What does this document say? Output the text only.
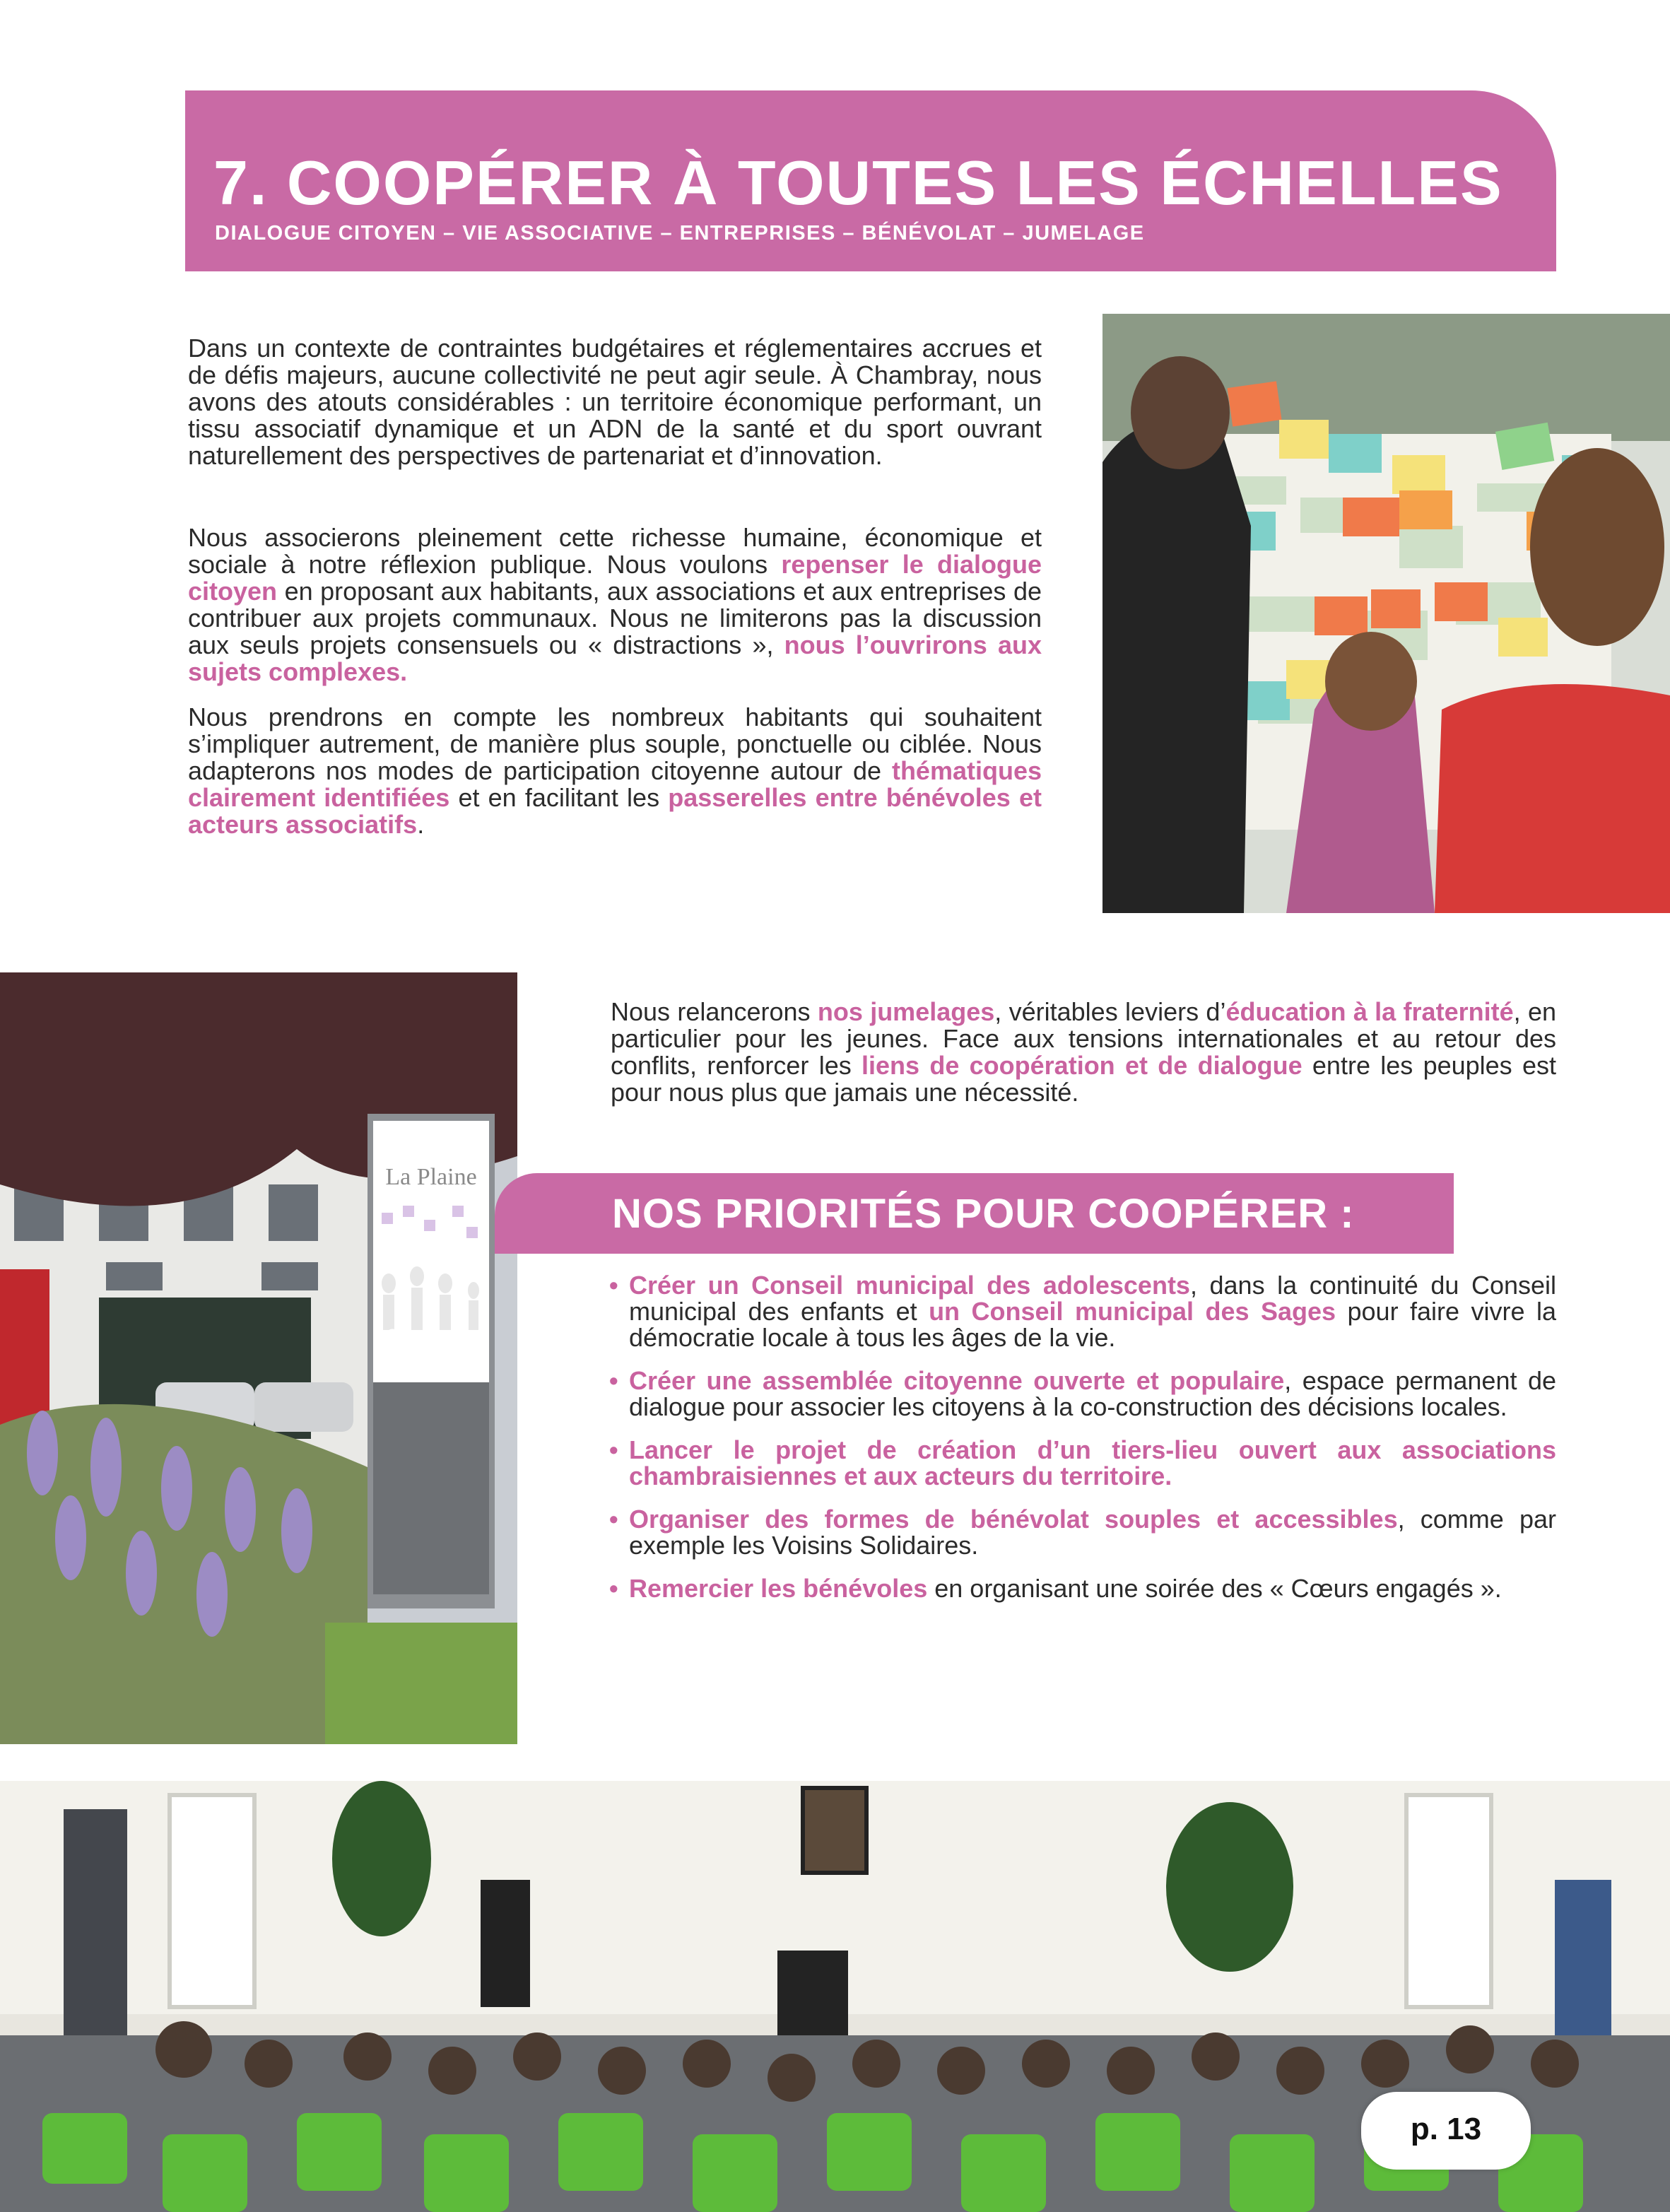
7. COOPÉRER À TOUTES LES ÉCHELLES

DIALOGUE CITOYEN – VIE ASSOCIATIVE – ENTREPRISES – BÉNÉVOLAT – JUMELAGE

Dans un contexte de contraintes budgétaires et réglementaires accrues et de défis majeurs, aucune collectivité ne peut agir seule. À Chambray, nous avons des atouts considérables : un territoire économique performant, un tissu associatif dynamique et un ADN de la santé et du sport ouvrant naturellement des perspectives de partenariat et d’innovation.

Nous associerons pleinement cette richesse humaine, économique et sociale à notre réflexion publique. Nous voulons repenser le dialogue citoyen en proposant aux habitants, aux associations et aux entreprises de contribuer aux projets communaux. Nous ne limiterons pas la discussion aux seuls projets consensuels ou « distractions », nous l’ouvrirons aux sujets complexes.

Nous prendrons en compte les nombreux habitants qui souhaitent s’impliquer autrement, de manière plus souple, ponctuelle ou ciblée. Nous adapterons nos modes de participation citoyenne autour de thématiques clairement identifiées et en facilitant les passerelles entre bénévoles et acteurs associatifs.

La Plaine
Commerces
de proximité

Nous relancerons nos jumelages, véritables leviers d’éducation à la fraternité, en particulier pour les jeunes. Face aux tensions internationales et au retour des conflits, renforcer les liens de coopération et de dialogue entre les peuples est pour nous plus que jamais une nécessité.

NOS PRIORITÉS POUR COOPÉRER :
• Créer un Conseil municipal des adolescents, dans la continuité du Conseil municipal des enfants et un Conseil municipal des Sages pour faire vivre la démocratie locale à tous les âges de la vie.
• Créer une assemblée citoyenne ouverte et populaire, espace permanent de dialogue pour associer les citoyens à la co-construction des décisions locales.
• Lancer le projet de création d’un tiers-lieu ouvert aux associations chambraisiennes et aux acteurs du territoire.
• Organiser des formes de bénévolat souples et accessibles, comme par exemple les Voisins Solidaires.
• Remercier les bénévoles en organisant une soirée des « Cœurs engagés ».
p. 13
